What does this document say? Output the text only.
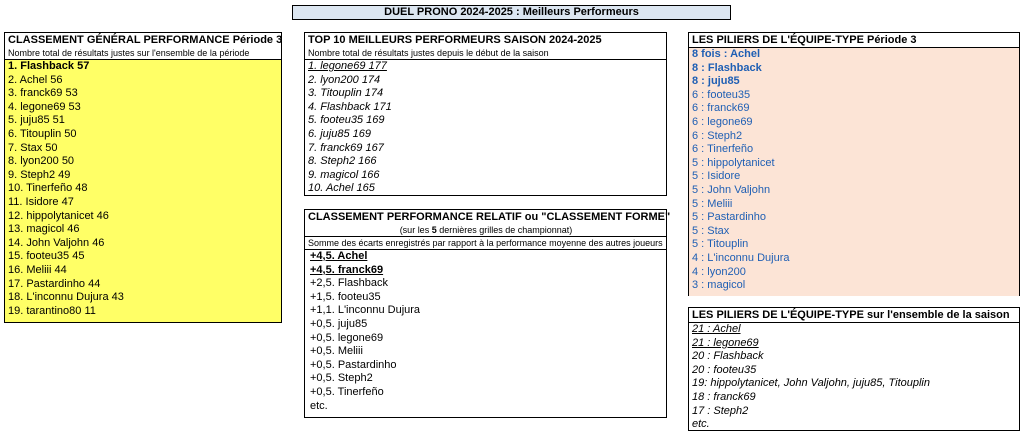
DUEL PRONO 2024-2025 : Meilleurs Performeurs
CLASSEMENT GÉNÉRAL PERFORMANCE Période 3
Nombre total de résultats justes sur l'ensemble de la période
1. Flashback 57
2. Achel 56
3. franck69 53
4. legone69 53
5. juju85 51
6. Titouplin 50
7. Stax 50
8. lyon200 50
9. Steph2 49
10. Tinerfeño 48
11. Isidore 47
12. hippolytanicet 46
13. magicol 46
14. John Valjohn 46
15. footeu35 45
16. Meliii 44
17. Pastardinho 44
18. L'inconnu Dujura 43
19. tarantino80 11
TOP 10 MEILLEURS PERFORMEURS SAISON 2024-2025
Nombre total de résultats justes depuis le début de la saison
1. legone69 177
2. lyon200 174
3. Titouplin 174
4. Flashback 171
5. footeu35 169
6. juju85 169
7. franck69 167
8. Steph2 166
9. magicol 166
10. Achel 165
CLASSEMENT PERFORMANCE RELATIF ou "CLASSEMENT FORME"
(sur les 5 dernières grilles de championnat)
Somme des écarts enregistrés par rapport à la performance moyenne des autres joueurs
+4,5. Achel
+4,5. franck69
+2,5. Flashback
+1,5. footeu35
+1,1. L'inconnu Dujura
+0,5. juju85
+0,5. legone69
+0,5. Meliii
+0,5. Pastardinho
+0,5. Steph2
+0,5. Tinerfeño
etc.
LES PILIERS DE L'ÉQUIPE-TYPE Période 3
8 fois : Achel
8 : Flashback
8 : juju85
6 : footeu35
6 : franck69
6 : legone69
6 : Steph2
6 : Tinerfeño
5 : hippolytanicet
5 : Isidore
5 : John Valjohn
5 : Meliii
5 : Pastardinho
5 : Stax
5 : Titouplin
4 : L'inconnu Dujura
4 : lyon200
3 : magicol
LES PILIERS DE L'ÉQUIPE-TYPE sur l'ensemble de la saison
21 : Achel
21 : legone69
20 : Flashback
20 : footeu35
19: hippolytanicet, John Valjohn, juju85, Titouplin
18 : franck69
17 : Steph2
etc.
